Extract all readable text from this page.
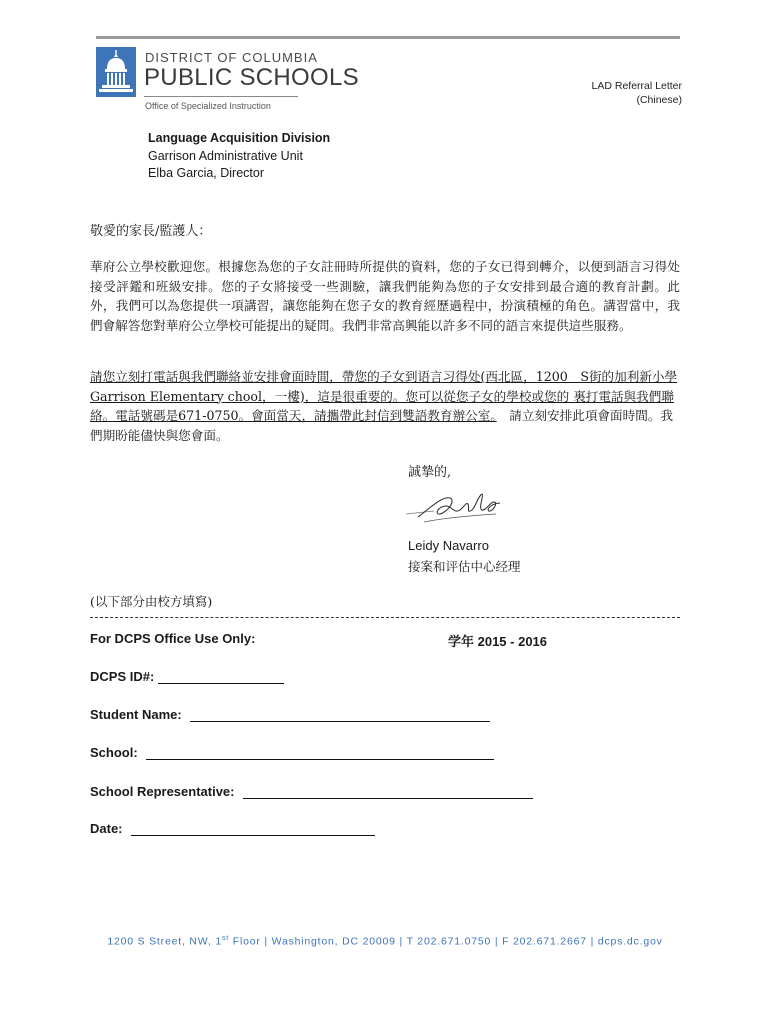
DISTRICT OF COLUMBIA
PUBLIC SCHOOLS
Office of Specialized Instruction
LAD Referral Letter
(Chinese)
Language Acquisition Division
Garrison Administrative Unit
Elba Garcia, Director
敬愛的家長/監護人：
華府公立學校歡迎您。根據您為您的子女註冊時所提供的資料，您的子女已得到轉介，以便到語言习得处接受評鑑和班級安排。您的子女將接受一些測驗，讓我們能夠為您的子女安排到最合適的教育計劃。此外，我們可以為您提供一項講習，讓您能夠在您子女的教育經歷過程中，扮演積極的角色。講習當中，我們會解答您對華府公立學校可能提出的疑問。我們非常高興能以許多不同的語言來提供這些服務。
請您立刻打電話與我們聯絡並安排會面時間，帶您的子女到语言习得处(西北區，1200　S街的加利新小學Garrison Elementary chool，一樓)，這是很重要的。您可以從您子女的學校或您的 裏打電話與我們聯絡。電話號碼是671-0750。會面當天，請攜帶此封信到雙語教育辦公室。　請立刻安排此項會面時間。我們期盼能儘快與您會面。
誠摯的,
Leidy Navarro
接案和评估中心经理
(以下部分由校方填寫)
For DCPS Office Use Only:	学年 2015 - 2016
DCPS ID#:
Student Name:
School:
School Representative:
Date:
1200 S Street, NW, 1st Floor | Washington, DC 20009 | T 202.671.0750 | F 202.671.2667 | dcps.dc.gov
